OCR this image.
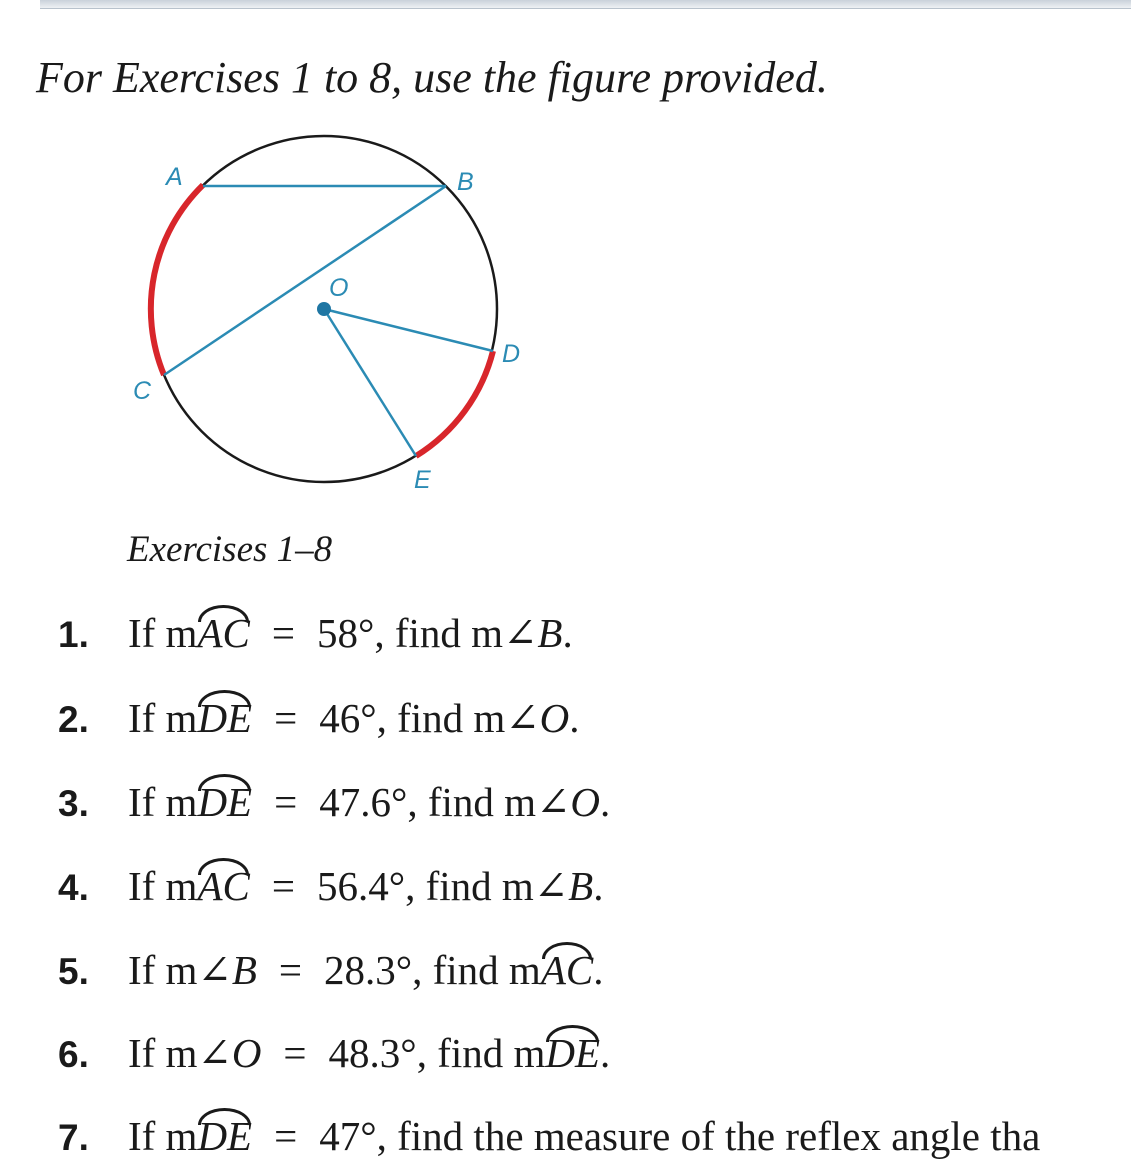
For Exercises 1 to 8, use the figure provided.

A	B
O
D
C
E
Exercises 1–8
1. If mAC = 58°, find m∠B.
2. If mDE = 46°, find m∠O.
3. If mDE = 47.6°, find m∠O.
4. If mAC = 56.4°, find m∠B.
5. If m∠B = 28.3°, find mAC.
6. If m∠O = 48.3°, find mDE.
7. If mDE = 47°, find the measure of the reflex angle tha
